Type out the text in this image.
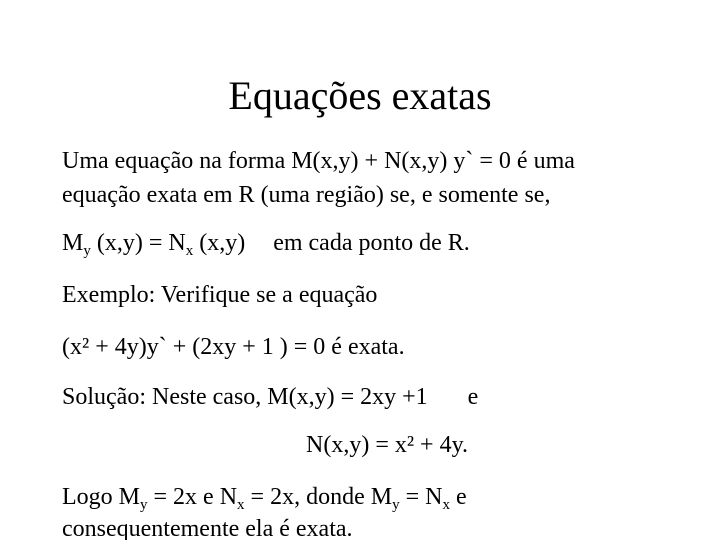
Equações exatas
Uma equação na forma M(x,y) + N(x,y) y` = 0 é uma
equação exata em R (uma região) se, e somente se,
$M_y$ $(x,y) = N_x$ (x,y) em cada ponto de R.
Exemplo: Verifique se a equação
(x² + 4y)y` + (2xy + 1 ) = 0 é exata.
Solução: Neste caso, M(x,y) = 2xy +1 e
N(x,y) = x² + 4y.
Logo $M_y = 2x$ e $N_x = 2x$, donde $M_y = N_x$ e
consequentemente ela é exata.
